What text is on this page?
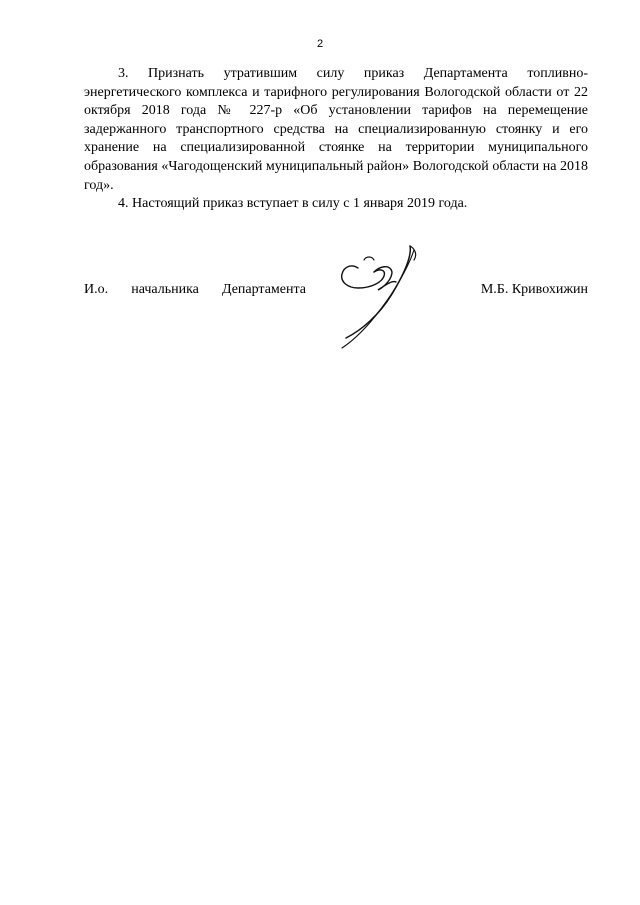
2

3. Признать утратившим силу приказ Департамента топливно-энергетического комплекса и тарифного регулирования Вологодской области от 22 октября 2018 года № 227-р «Об установлении тарифов на перемещение задержанного транспортного средства на специализированную стоянку и его хранение на специализированной стоянке на территории муниципального образования «Чагодощенский муниципальный район» Вологодской области на 2018 год».

4. Настоящий приказ вступает в силу с 1 января 2019 года.

И.о. начальника Департамента	М.Б. Кривохижин
